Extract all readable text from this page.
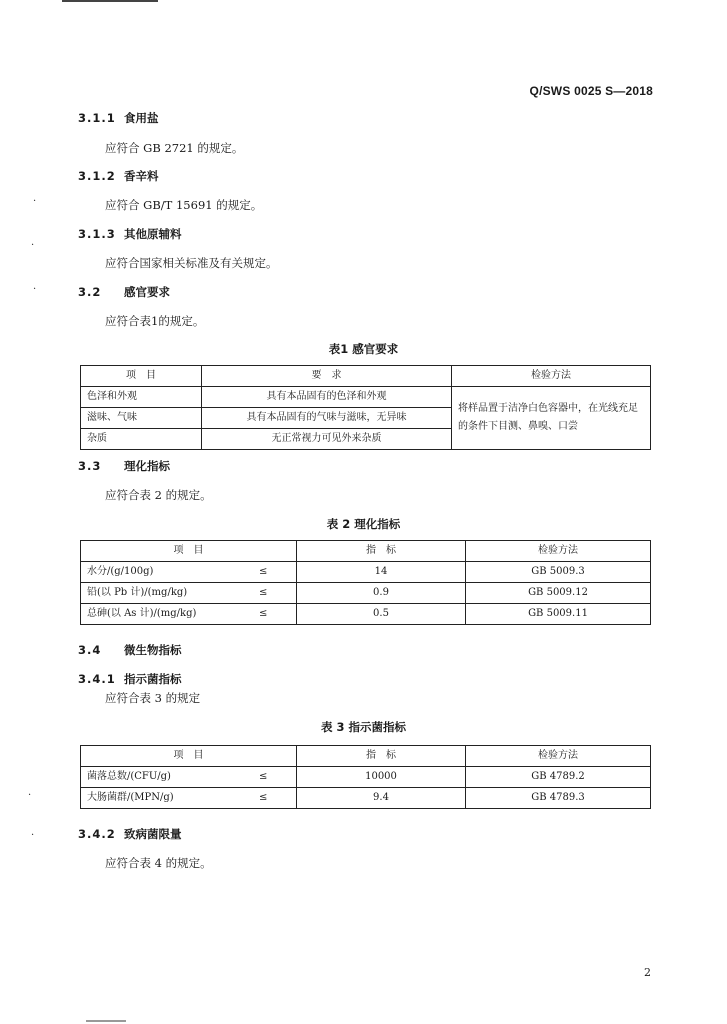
Q/SWS 0025 S—2018
3.1.1 食用盐
应符合 GB 2721 的规定。
3.1.2 香辛料
应符合 GB/T 15691 的规定。
3.1.3 其他原辅料
应符合国家相关标准及有关规定。
3.2 感官要求
应符合表1的规定。
表1 感官要求
项　目	要　求	检验方法
色泽和外观	具有本品固有的色泽和外观	将样品置于洁净白色容器中，在光线充足的条件下目测、鼻嗅、口尝
滋味、气味	具有本品固有的气味与滋味，无异味	
杂质	无正常视力可见外来杂质	
3.3 理化指标
应符合表 2 的规定。
表 2 理化指标
项　目		指　标	检验方法
水分/(g/100g)	≤	14	GB 5009.3
铅(以 Pb 计)/(mg/kg)	≤	0.9	GB 5009.12
总砷(以 As 计)/(mg/kg)	≤	0.5	GB 5009.11
3.4 微生物指标
3.4.1 指示菌指标
应符合表 3 的规定
表 3 指示菌指标
项　目		指　标	检验方法
菌落总数/(CFU/g)	≤	10000	GB 4789.2
大肠菌群/(MPN/g)	≤	9.4	GB 4789.3
3.4.2 致病菌限量
应符合表 4 的规定。
·
·
·
·
·
2
